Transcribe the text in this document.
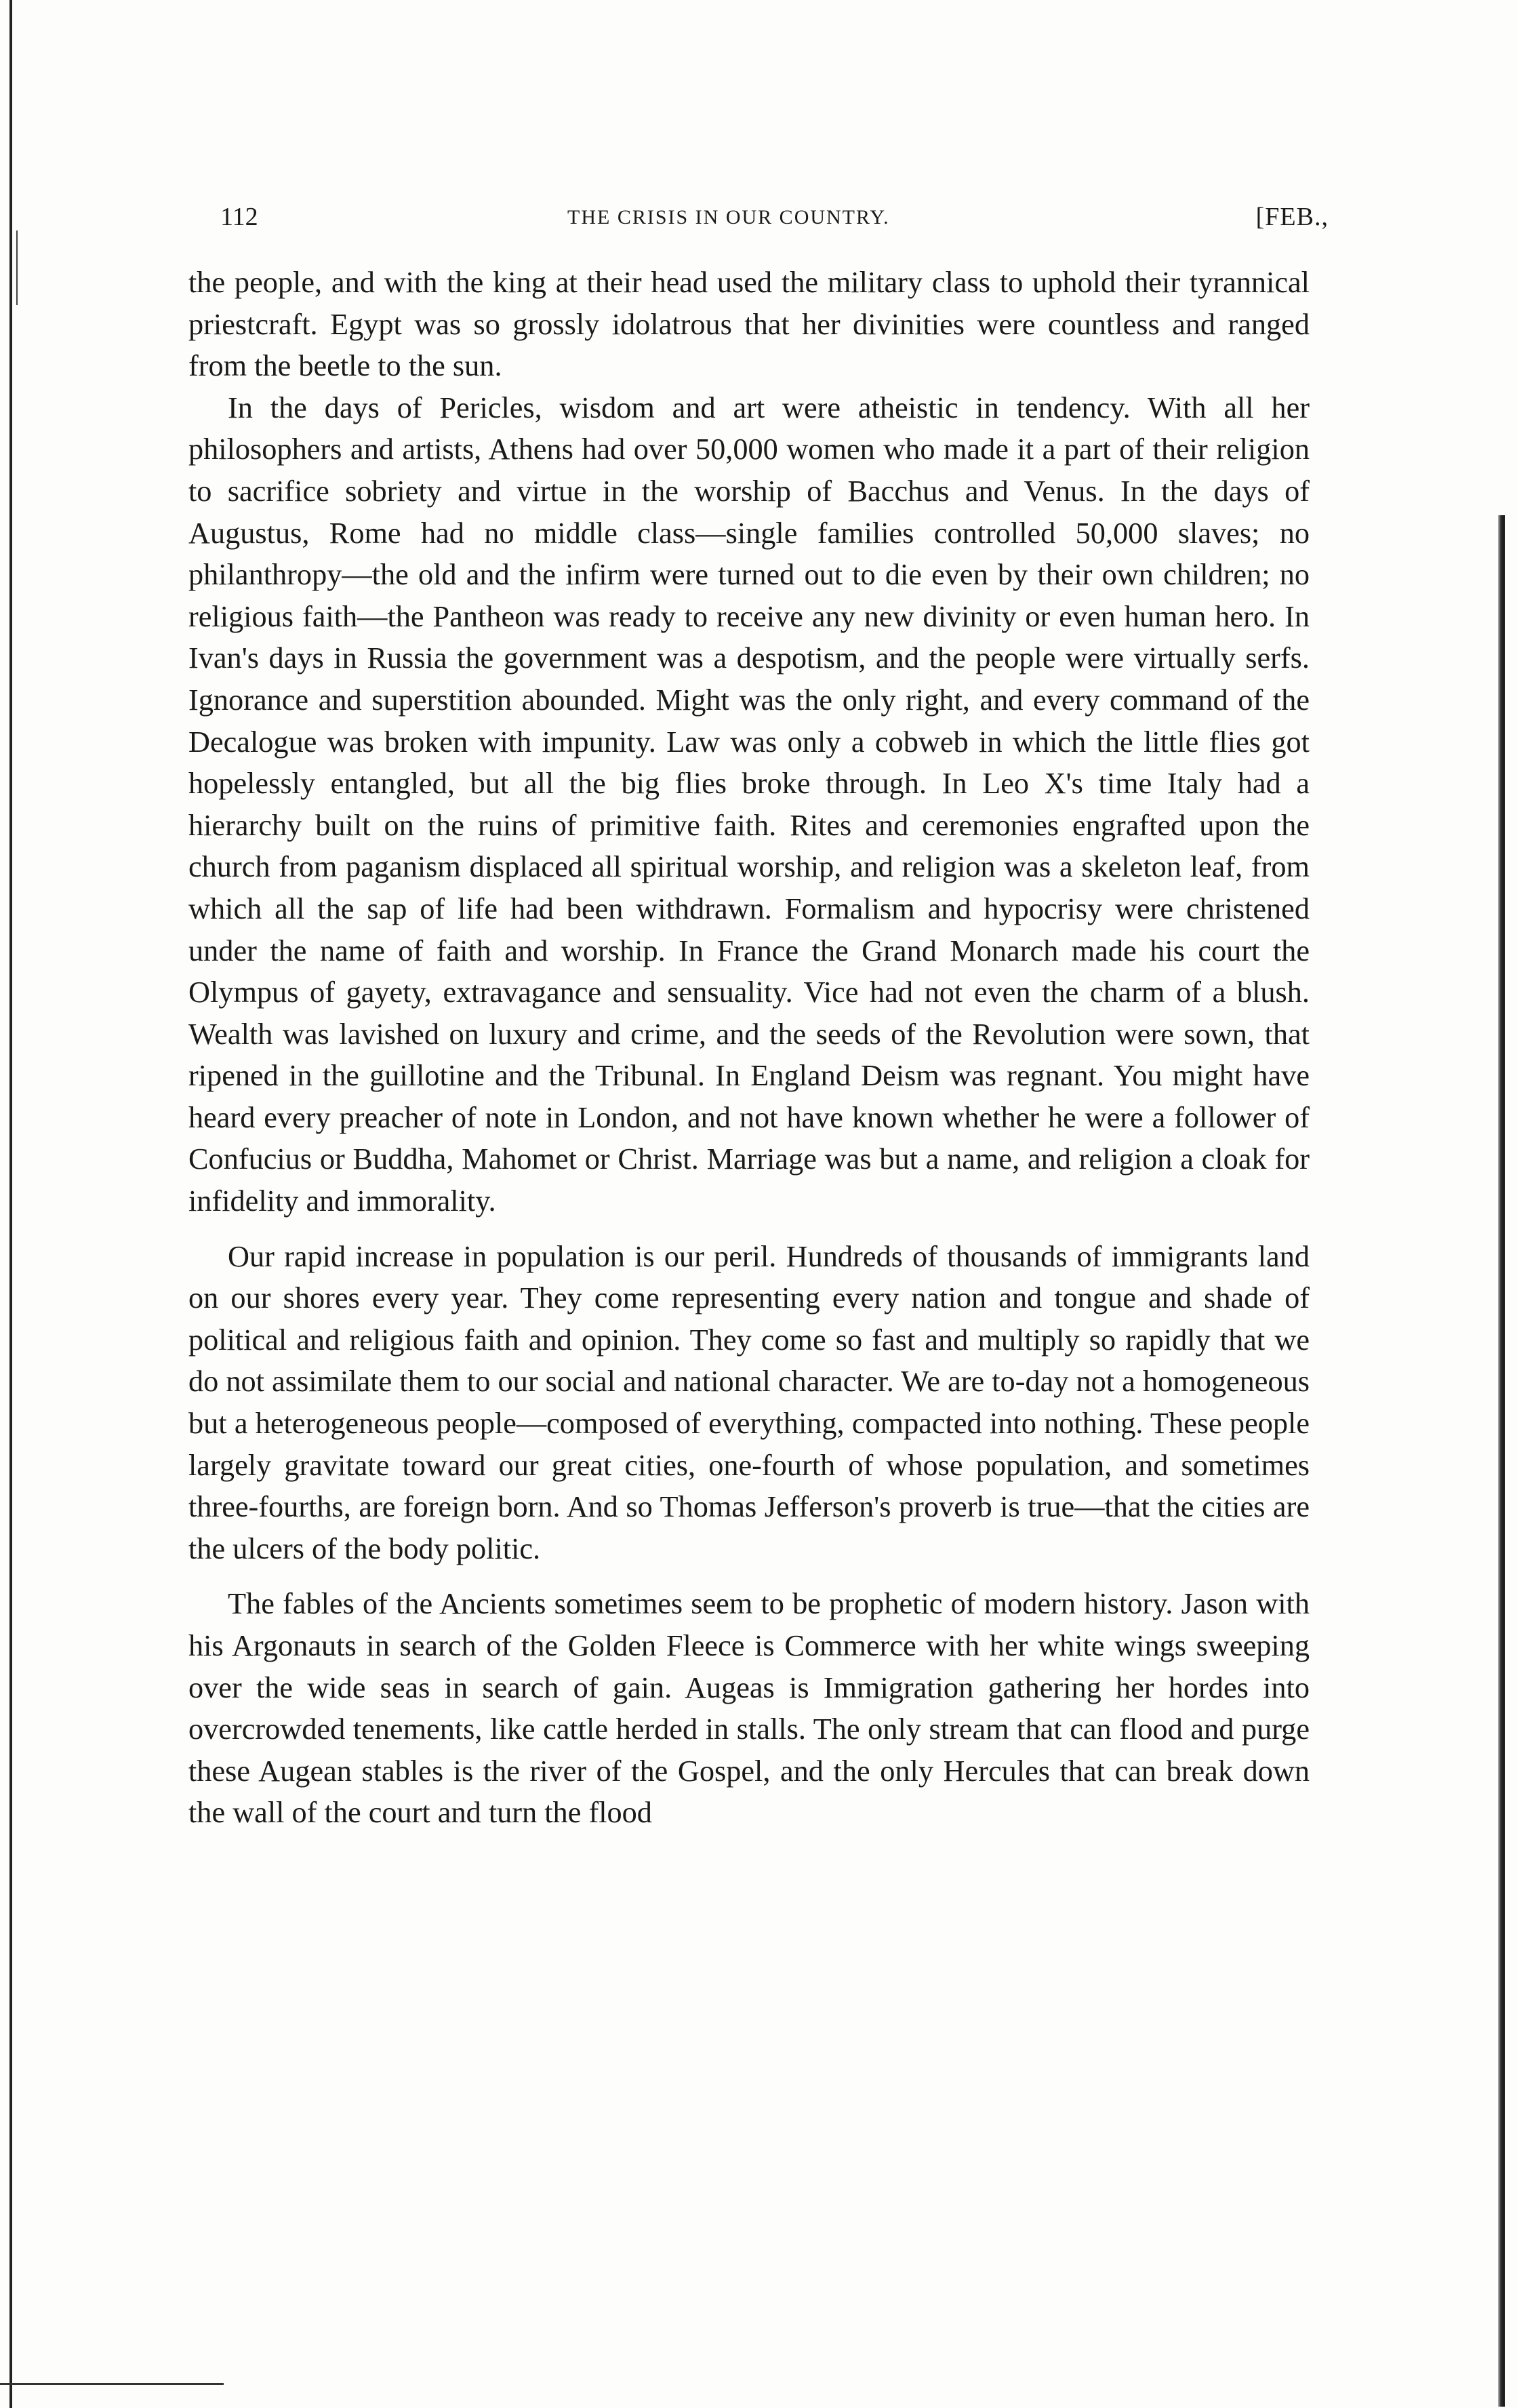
112	THE CRISIS IN OUR COUNTRY.	[FEB.,

the people, and with the king at their head used the military class to uphold their tyrannical priestcraft. Egypt was so grossly idolatrous that her divinities were countless and ranged from the beetle to the sun.

In the days of Pericles, wisdom and art were atheistic in tendency. With all her philosophers and artists, Athens had over 50,000 women who made it a part of their religion to sacrifice sobriety and virtue in the worship of Bacchus and Venus. In the days of Augustus, Rome had no middle class—single families controlled 50,000 slaves; no philanthropy—the old and the infirm were turned out to die even by their own children; no religious faith—the Pantheon was ready to receive any new divinity or even human hero. In Ivan's days in Russia the government was a despotism, and the people were virtually serfs. Ignorance and superstition abounded. Might was the only right, and every command of the Decalogue was broken with impunity. Law was only a cobweb in which the little flies got hopelessly entangled, but all the big flies broke through. In Leo X's time Italy had a hierarchy built on the ruins of primitive faith. Rites and ceremonies engrafted upon the church from paganism displaced all spiritual worship, and religion was a skeleton leaf, from which all the sap of life had been withdrawn. Formalism and hypocrisy were christened under the name of faith and worship. In France the Grand Monarch made his court the Olympus of gayety, extravagance and sensuality. Vice had not even the charm of a blush. Wealth was lavished on luxury and crime, and the seeds of the Revolution were sown, that ripened in the guillotine and the Tribunal. In England Deism was regnant. You might have heard every preacher of note in London, and not have known whether he were a follower of Confucius or Buddha, Mahomet or Christ. Marriage was but a name, and religion a cloak for infidelity and immorality.

Our rapid increase in population is our peril. Hundreds of thousands of immigrants land on our shores every year. They come representing every nation and tongue and shade of political and religious faith and opinion. They come so fast and multiply so rapidly that we do not assimilate them to our social and national character. We are to-day not a homogeneous but a heterogeneous people—composed of everything, compacted into nothing. These people largely gravitate toward our great cities, one-fourth of whose population, and sometimes three-fourths, are foreign born. And so Thomas Jefferson's proverb is true—that the cities are the ulcers of the body politic.

The fables of the Ancients sometimes seem to be prophetic of modern history. Jason with his Argonauts in search of the Golden Fleece is Commerce with her white wings sweeping over the wide seas in search of gain. Augeas is Immigration gathering her hordes into overcrowded tenements, like cattle herded in stalls. The only stream that can flood and purge these Augean stables is the river of the Gospel, and the only Hercules that can break down the wall of the court and turn the flood
